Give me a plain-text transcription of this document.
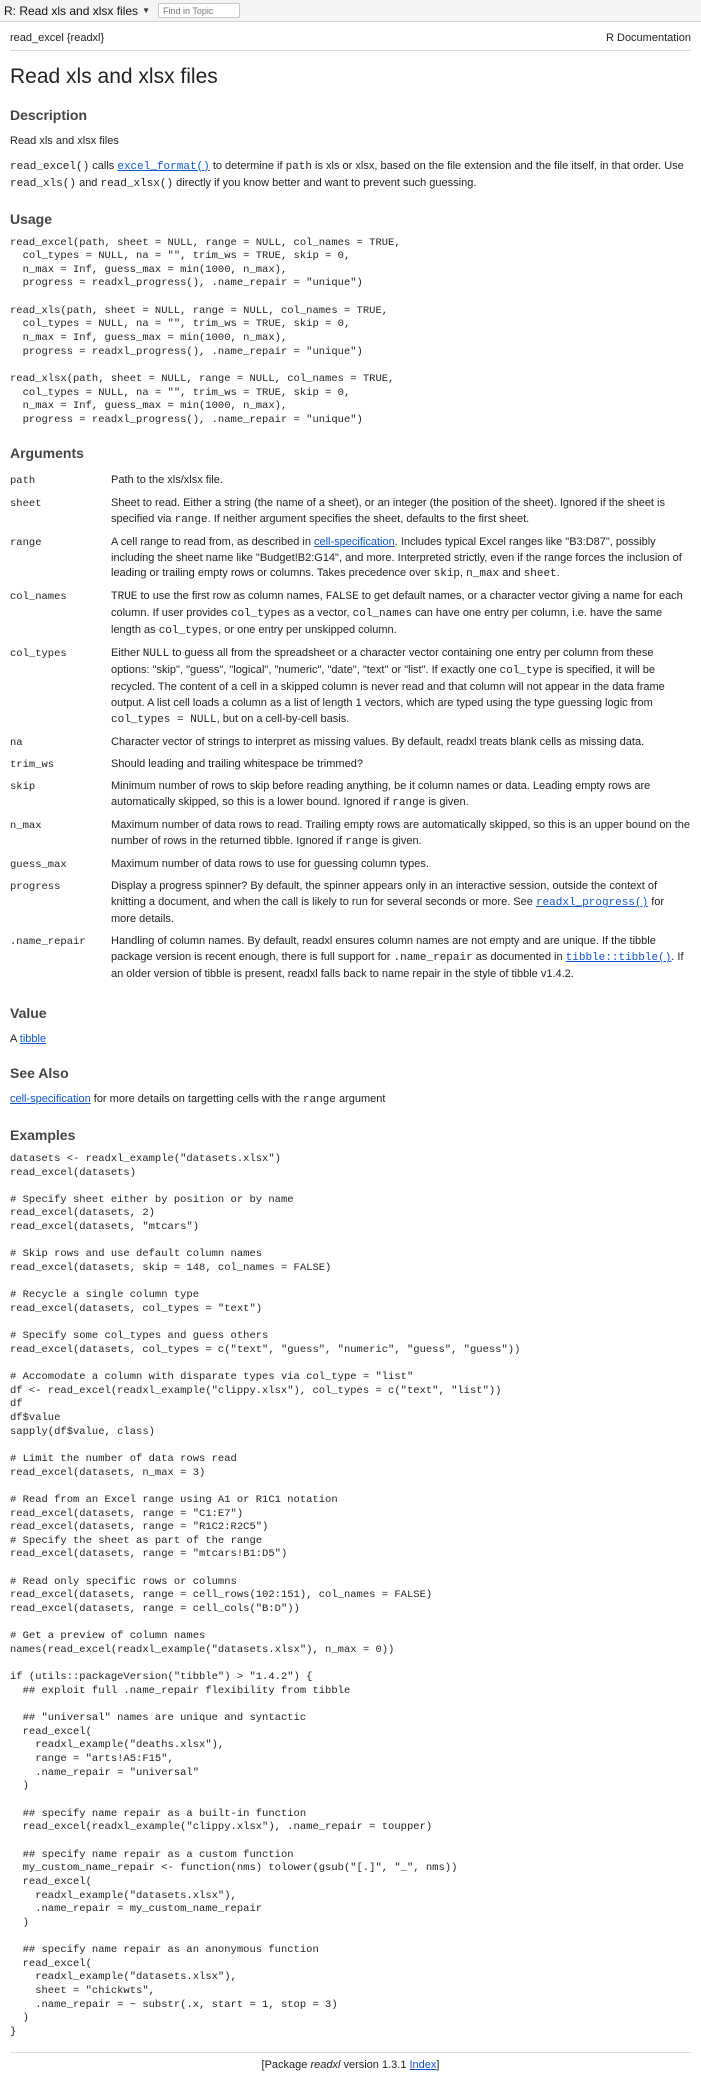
R: Read xls and xlsx files ▼
Find in Topic
read_excel {readxl}	R Documentation
Read xls and xlsx files
Description

Read xls and xlsx files

read_excel() calls excel_format() to determine if path is xls or xlsx, based on the file extension and the file itself, in that order. Use read_xls() and read_xlsx() directly if you know better and want to prevent such guessing.

Usage
read_excel(path, sheet = NULL, range = NULL, col_names = TRUE,
col_types = NULL, na = "", trim_ws = TRUE, skip = 0,
n_max = Inf, guess_max = min(1000, n_max),
progress = readxl_progress(), .name_repair = "unique")

read_xls(path, sheet = NULL, range = NULL, col_names = TRUE,
col_types = NULL, na = "", trim_ws = TRUE, skip = 0,
n_max = Inf, guess_max = min(1000, n_max),
progress = readxl_progress(), .name_repair = "unique")

read_xlsx(path, sheet = NULL, range = NULL, col_names = TRUE,
col_types = NULL, na = "", trim_ws = TRUE, skip = 0,
n_max = Inf, guess_max = min(1000, n_max),
progress = readxl_progress(), .name_repair = "unique")
Arguments
path	Path to the xls/xlsx file.
sheet	Sheet to read. Either a string (the name of a sheet), or an integer (the position of the sheet). Ignored if the sheet is specified via range. If neither argument specifies the sheet, defaults to the first sheet.
range	A cell range to read from, as described in cell-specification. Includes typical Excel ranges like "B3:D87", possibly including the sheet name like "Budget!B2:G14", and more. Interpreted strictly, even if the range forces the inclusion of leading or trailing empty rows or columns. Takes precedence over skip, n_max and sheet.
col_names	TRUE to use the first row as column names, FALSE to get default names, or a character vector giving a name for each column. If user provides col_types as a vector, col_names can have one entry per column, i.e. have the same length as col_types, or one entry per unskipped column.
col_types	Either NULL to guess all from the spreadsheet or a character vector containing one entry per column from these options: "skip", "guess", "logical", "numeric", "date", "text" or "list". If exactly one col_type is specified, it will be recycled. The content of a cell in a skipped column is never read and that column will not appear in the data frame output. A list cell loads a column as a list of length 1 vectors, which are typed using the type guessing logic from col_types = NULL, but on a cell-by-cell basis.
na	Character vector of strings to interpret as missing values. By default, readxl treats blank cells as missing data.
trim_ws	Should leading and trailing whitespace be trimmed?
skip	Minimum number of rows to skip before reading anything, be it column names or data. Leading empty rows are automatically skipped, so this is a lower bound. Ignored if range is given.
n_max	Maximum number of data rows to read. Trailing empty rows are automatically skipped, so this is an upper bound on the number of rows in the returned tibble. Ignored if range is given.
guess_max	Maximum number of data rows to use for guessing column types.
progress	Display a progress spinner? By default, the spinner appears only in an interactive session, outside the context of knitting a document, and when the call is likely to run for several seconds or more. See readxl_progress() for more details.
.name_repair	Handling of column names. By default, readxl ensures column names are not empty and are unique. If the tibble package version is recent enough, there is full support for .name_repair as documented in tibble::tibble(). If an older version of tibble is present, readxl falls back to name repair in the style of tibble v1.4.2.
Value

A tibble

See Also

cell-specification for more details on targetting cells with the range argument

Examples
datasets <- readxl_example("datasets.xlsx")
read_excel(datasets)

# Specify sheet either by position or by name
read_excel(datasets, 2)
read_excel(datasets, "mtcars")

# Skip rows and use default column names
read_excel(datasets, skip = 148, col_names = FALSE)

# Recycle a single column type
read_excel(datasets, col_types = "text")

# Specify some col_types and guess others
read_excel(datasets, col_types = c("text", "guess", "numeric", "guess", "guess"))

# Accomodate a column with disparate types via col_type = "list"
df <- read_excel(readxl_example("clippy.xlsx"), col_types = c("text", "list"))
df
df$value
sapply(df$value, class)

# Limit the number of data rows read
read_excel(datasets, n_max = 3)

# Read from an Excel range using A1 or R1C1 notation
read_excel(datasets, range = "C1:E7")
read_excel(datasets, range = "R1C2:R2C5")
# Specify the sheet as part of the range
read_excel(datasets, range = "mtcars!B1:D5")

# Read only specific rows or columns
read_excel(datasets, range = cell_rows(102:151), col_names = FALSE)
read_excel(datasets, range = cell_cols("B:D"))

# Get a preview of column names
names(read_excel(readxl_example("datasets.xlsx"), n_max = 0))

if (utils::packageVersion("tibble") > "1.4.2") {
## exploit full .name_repair flexibility from tibble

## "universal" names are unique and syntactic
read_excel(
readxl_example("deaths.xlsx"),
range = "arts!A5:F15",
.name_repair = "universal"
)

## specify name repair as a built-in function
read_excel(readxl_example("clippy.xlsx"), .name_repair = toupper)

## specify name repair as a custom function
my_custom_name_repair <- function(nms) tolower(gsub("[.]", "_", nms))
read_excel(
readxl_example("datasets.xlsx"),
.name_repair = my_custom_name_repair
)

## specify name repair as an anonymous function
read_excel(
readxl_example("datasets.xlsx"),
sheet = "chickwts",
.name_repair = ~ substr(.x, start = 1, stop = 3)
)
}
[Package readxl version 1.3.1 Index]
